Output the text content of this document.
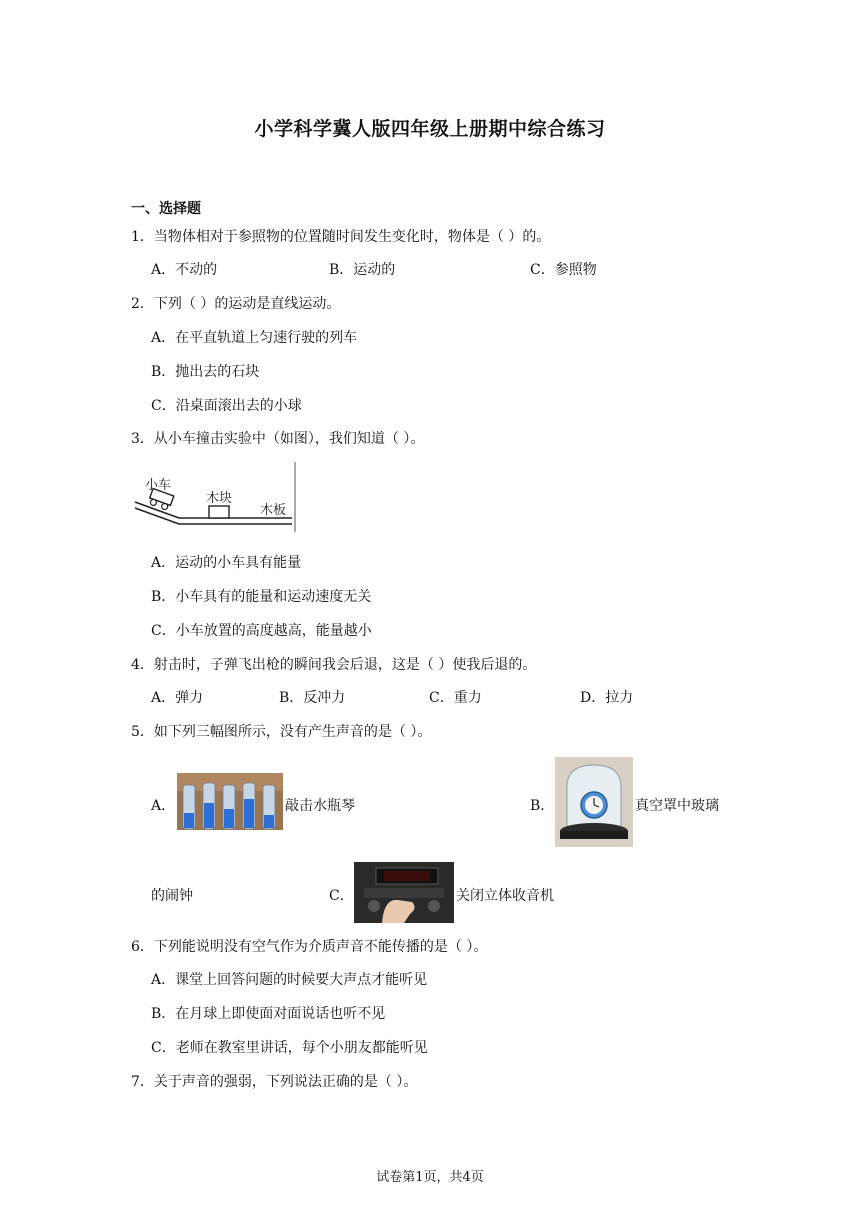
小学科学冀人版四年级上册期中综合练习
一、选择题
1．当物体相对于参照物的位置随时间发生变化时，物体是（ ）的。
A．不动的	B．运动的	C．参照物
2．下列（ ）的运动是直线运动。
A．在平直轨道上匀速行驶的列车
B．抛出去的石块
C．沿桌面滚出去的小球
3．从小车撞击实验中（如图），我们知道（ ）。
小车
木块
木板
A．运动的小车具有能量
B．小车具有的能量和运动速度无关
C．小车放置的高度越高，能量越小
4．射击时，子弹飞出枪的瞬间我会后退，这是（ ）使我后退的。
A．弹力	B．反冲力	C．重力	D．拉力
5．如下列三幅图所示，没有产生声音的是（ ）。
A．	敲击水瓶琴	B．	真空罩中玻璃
的闹钟	C．	关闭立体收音机
6．下列能说明没有空气作为介质声音不能传播的是（ ）。
A．课堂上回答问题的时候要大声点才能听见
B．在月球上即使面对面说话也听不见
C．老师在教室里讲话，每个小朋友都能听见
7．关于声音的强弱，下列说法正确的是（ ）。
试卷第1页，共4页
